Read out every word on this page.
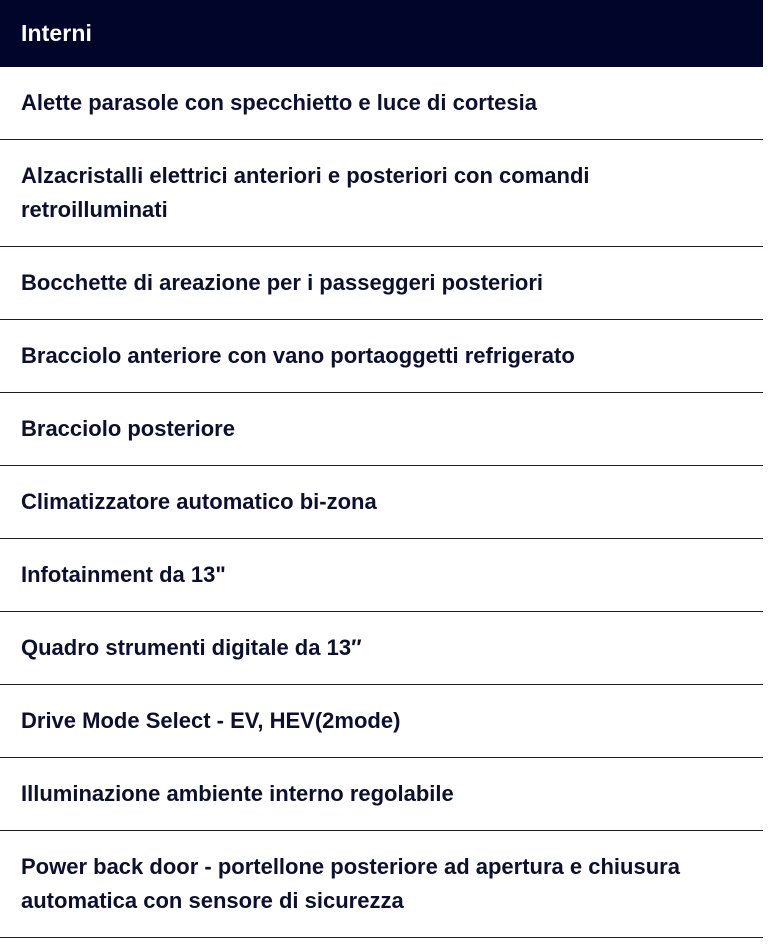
Interni
Alette parasole con specchietto e luce di cortesia
Alzacristalli elettrici anteriori e posteriori con comandi retroilluminati
Bocchette di areazione per i passeggeri posteriori
Bracciolo anteriore con vano portaoggetti refrigerato
Bracciolo posteriore
Climatizzatore automatico bi-zona
Infotainment da 13"
Quadro strumenti digitale da 13″
Drive Mode Select - EV, HEV(2mode)
Illuminazione ambiente interno regolabile
Power back door - portellone posteriore ad apertura e chiusura automatica con sensore di sicurezza
